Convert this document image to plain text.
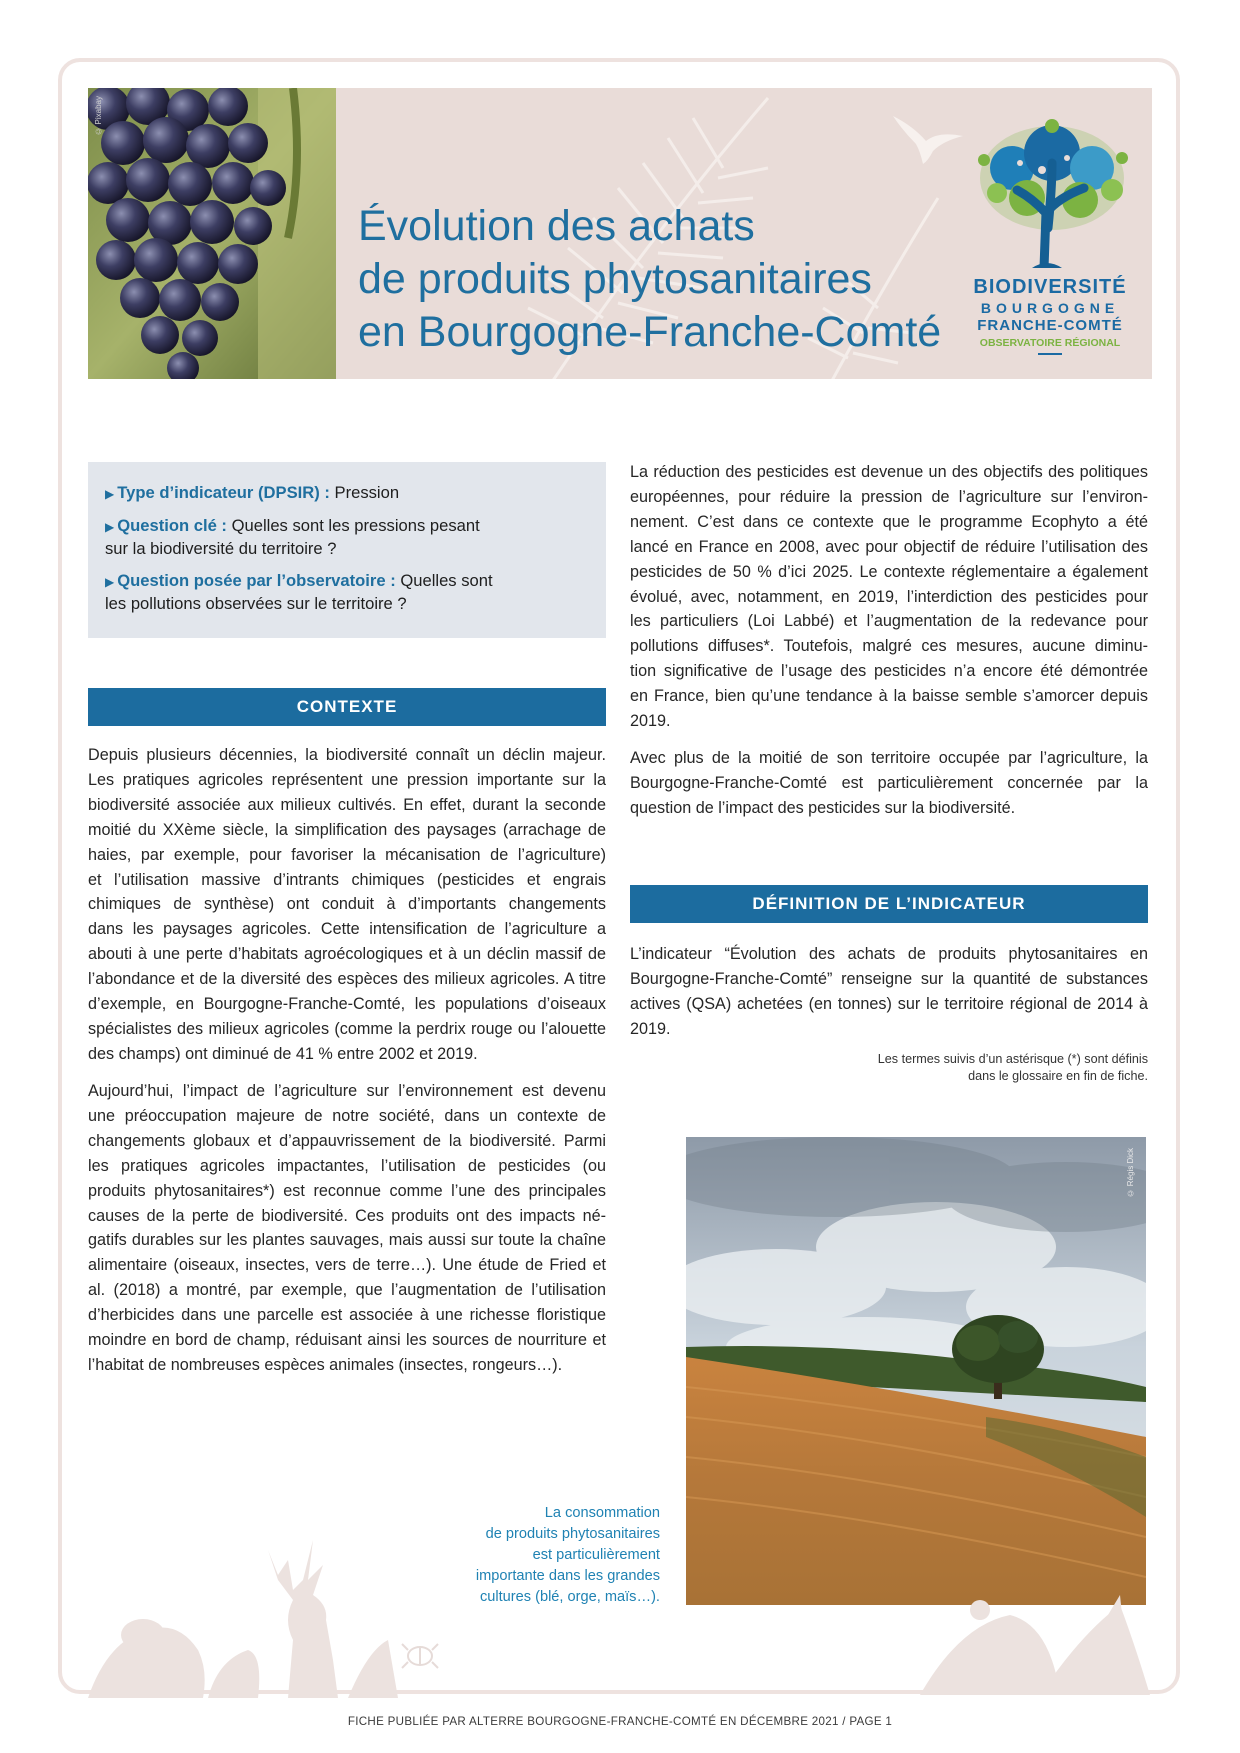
© Pixabay
Évolution des achats
de produits phytosanitaires
en Bourgogne-Franche-Comté
BIODIVERSITÉ
BOURGOGNE
FRANCHE-COMTÉ
OBSERVATOIRE RÉGIONAL
▶ Type d’indicateur (DPSIR) : Pression
▶ Question clé : Quelles sont les pressions pesant
sur la biodiversité du territoire ?
▶ Question posée par l’observatoire : Quelles sont
les pollutions observées sur le territoire ?
CONTEXTE
Depuis plusieurs décennies, la biodiversité connaît un déclin majeur.
Les pratiques agricoles représentent une pression importante sur la
biodiversité associée aux milieux cultivés. En effet, durant la seconde
moitié du XXème siècle, la simplification des paysages (arrachage de
haies, par exemple, pour favoriser la mécanisation de l’agriculture)
et l’utilisation massive d’intrants chimiques (pesticides et engrais
chimiques de synthèse) ont conduit à d’importants changements
dans les paysages agricoles. Cette intensification de l’agriculture a
abouti à une perte d’habitats agroécologiques et à un déclin massif de
l’abondance et de la diversité des espèces des milieux agricoles. A titre
d’exemple, en Bourgogne-Franche-Comté, les populations d’oiseaux
spécialistes des milieux agricoles (comme la perdrix rouge ou l’alouette
des champs) ont diminué de 41 % entre 2002 et 2019.
Aujourd’hui, l’impact de l’agriculture sur l’environnement est devenu
une préoccupation majeure de notre société, dans un contexte de
changements globaux et d’appauvrissement de la biodiversité. Parmi
les pratiques agricoles impactantes, l’utilisation de pesticides (ou
produits phytosanitaires*) est reconnue comme l’une des principales
causes de la perte de biodiversité. Ces produits ont des impacts né-
gatifs durables sur les plantes sauvages, mais aussi sur toute la chaîne
alimentaire (oiseaux, insectes, vers de terre…). Une étude de Fried et
al. (2018) a montré, par exemple, que l’augmentation de l’utilisation
d’herbicides dans une parcelle est associée à une richesse floristique
moindre en bord de champ, réduisant ainsi les sources de nourriture et
l’habitat de nombreuses espèces animales (insectes, rongeurs…).
La réduction des pesticides est devenue un des objectifs des politiques
européennes, pour réduire la pression de l’agriculture sur l’environ-
nement. C’est dans ce contexte que le programme Ecophyto a été
lancé en France en 2008, avec pour objectif de réduire l’utilisation des
pesticides de 50 % d’ici 2025. Le contexte réglementaire a également
évolué, avec, notamment, en 2019, l’interdiction des pesticides pour
les particuliers (Loi Labbé) et l’augmentation de la redevance pour
pollutions diffuses*. Toutefois, malgré ces mesures, aucune diminu-
tion significative de l’usage des pesticides n’a encore été démontrée
en France, bien qu’une tendance à la baisse semble s’amorcer depuis
2019.
Avec plus de la moitié de son territoire occupée par l’agriculture, la
Bourgogne-Franche-Comté est particulièrement concernée par la
question de l’impact des pesticides sur la biodiversité.
DÉFINITION DE L’INDICATEUR
L’indicateur “Évolution des achats de produits phytosanitaires en
Bourgogne-Franche-Comté” renseigne sur la quantité de substances
actives (QSA) achetées (en tonnes) sur le territoire régional de 2014 à
2019.
Les termes suivis d’un astérisque (*) sont définis
dans le glossaire en fin de fiche.
© Régis Dick
La consommation
de produits phytosanitaires
est particulièrement
importante dans les grandes
cultures (blé, orge, maïs…).
FICHE PUBLIÉE PAR ALTERRE BOURGOGNE-FRANCHE-COMTÉ EN DÉCEMBRE 2021 / PAGE 1
